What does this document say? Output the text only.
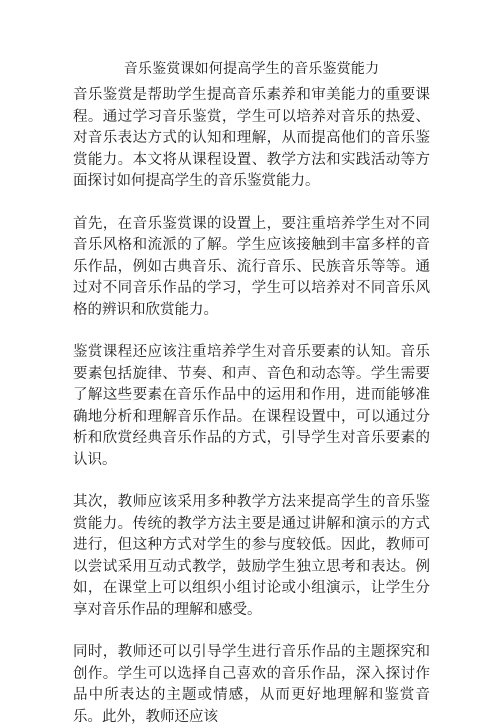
音乐鉴赏课如何提高学生的音乐鉴赏能力

音乐鉴赏是帮助学生提高音乐素养和审美能力的重要课程。通过学习音乐鉴赏，学生可以培养对音乐的热爱、对音乐表达方式的认知和理解，从而提高他们的音乐鉴赏能力。本文将从课程设置、教学方法和实践活动等方面探讨如何提高学生的音乐鉴赏能力。

首先，在音乐鉴赏课的设置上，要注重培养学生对不同音乐风格和流派的了解。学生应该接触到丰富多样的音乐作品，例如古典音乐、流行音乐、民族音乐等等。通过对不同音乐作品的学习，学生可以培养对不同音乐风格的辨识和欣赏能力。

鉴赏课程还应该注重培养学生对音乐要素的认知。音乐要素包括旋律、节奏、和声、音色和动态等。学生需要了解这些要素在音乐作品中的运用和作用，进而能够准确地分析和理解音乐作品。在课程设置中，可以通过分析和欣赏经典音乐作品的方式，引导学生对音乐要素的认识。

其次，教师应该采用多种教学方法来提高学生的音乐鉴赏能力。传统的教学方法主要是通过讲解和演示的方式进行，但这种方式对学生的参与度较低。因此，教师可以尝试采用互动式教学，鼓励学生独立思考和表达。例如，在课堂上可以组织小组讨论或小组演示，让学生分享对音乐作品的理解和感受。

同时，教师还可以引导学生进行音乐作品的主题探究和创作。学生可以选择自己喜欢的音乐作品，深入探讨作品中所表达的主题或情感，从而更好地理解和鉴赏音乐。此外，教师还应该
